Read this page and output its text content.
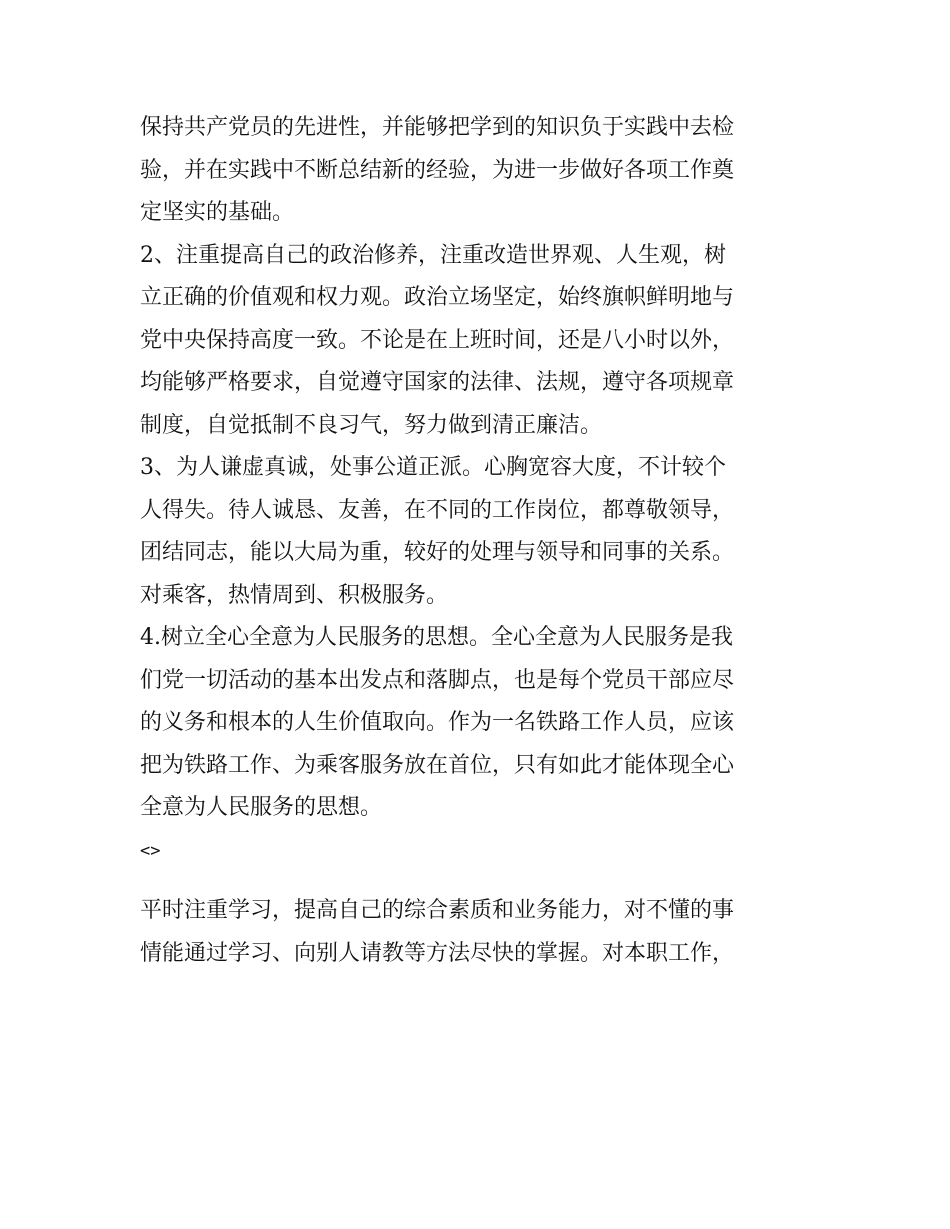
保持共产党员的先进性，并能够把学到的知识负于实践中去检
验，并在实践中不断总结新的经验，为进一步做好各项工作奠
定坚实的基础。
2、注重提高自己的政治修养，注重改造世界观、人生观，树
立正确的价值观和权力观。政治立场坚定，始终旗帜鲜明地与
党中央保持高度一致。不论是在上班时间，还是八小时以外，
均能够严格要求，自觉遵守国家的法律、法规，遵守各项规章
制度，自觉抵制不良习气，努力做到清正廉洁。
3、为人谦虚真诚，处事公道正派。心胸宽容大度，不计较个
人得失。待人诚恳、友善，在不同的工作岗位，都尊敬领导，
团结同志，能以大局为重，较好的处理与领导和同事的关系。
对乘客，热情周到、积极服务。
4.树立全心全意为人民服务的思想。全心全意为人民服务是我
们党一切活动的基本出发点和落脚点，也是每个党员干部应尽
的义务和根本的人生价值取向。作为一名铁路工作人员，应该
把为铁路工作、为乘客服务放在首位，只有如此才能体现全心
全意为人民服务的思想。
<>
平时注重学习，提高自己的综合素质和业务能力，对不懂的事
情能通过学习、向别人请教等方法尽快的掌握。对本职工作，
